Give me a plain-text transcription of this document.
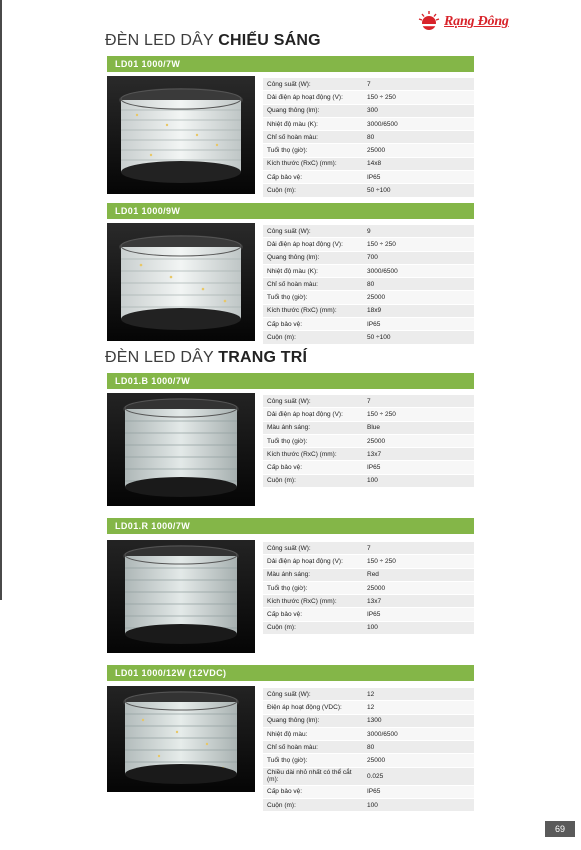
Rạng Đông
ĐÈN LED DÂY CHIẾU SÁNG
LD01 1000/7W
Công suất (W):	7
Dải điện áp hoạt động (V):	150 ÷ 250
Quang thông (lm):	300
Nhiệt độ màu (K):	3000/6500
Chỉ số hoàn màu:	80
Tuổi thọ (giờ):	25000
Kích thước (RxC) (mm):	14x8
Cấp bảo vệ:	IP65
Cuộn (m):	50 ÷100
LD01 1000/9W
Công suất (W):	9
Dải điện áp hoạt động (V):	150 ÷ 250
Quang thông (lm):	700
Nhiệt độ màu (K):	3000/6500
Chỉ số hoàn màu:	80
Tuổi thọ (giờ):	25000
Kích thước (RxC) (mm):	18x9
Cấp bảo vệ:	IP65
Cuộn (m):	50 ÷100
ĐÈN LED DÂY TRANG TRÍ
LD01.B 1000/7W
Công suất (W):	7
Dải điện áp hoạt động (V):	150 ÷ 250
Màu ánh sáng:	Blue
Tuổi thọ (giờ):	25000
Kích thước (RxC) (mm):	13x7
Cấp bảo vệ:	IP65
Cuộn (m):	100
LD01.R 1000/7W
Công suất (W):	7
Dải điện áp hoạt động (V):	150 ÷ 250
Màu ánh sáng:	Red
Tuổi thọ (giờ):	25000
Kích thước (RxC) (mm):	13x7
Cấp bảo vệ:	IP65
Cuộn (m):	100
LD01 1000/12W (12VDC)
Công suất (W):	12
Điện áp hoạt động (VDC):	12
Quang thông (lm):	1300
Nhiệt độ màu:	3000/6500
Chỉ số hoàn màu:	80
Tuổi thọ (giờ):	25000
Chiều dài nhỏ nhất có thể cắt (m):	0.025
Cấp bảo vệ:	IP65
Cuộn (m):	100
69
